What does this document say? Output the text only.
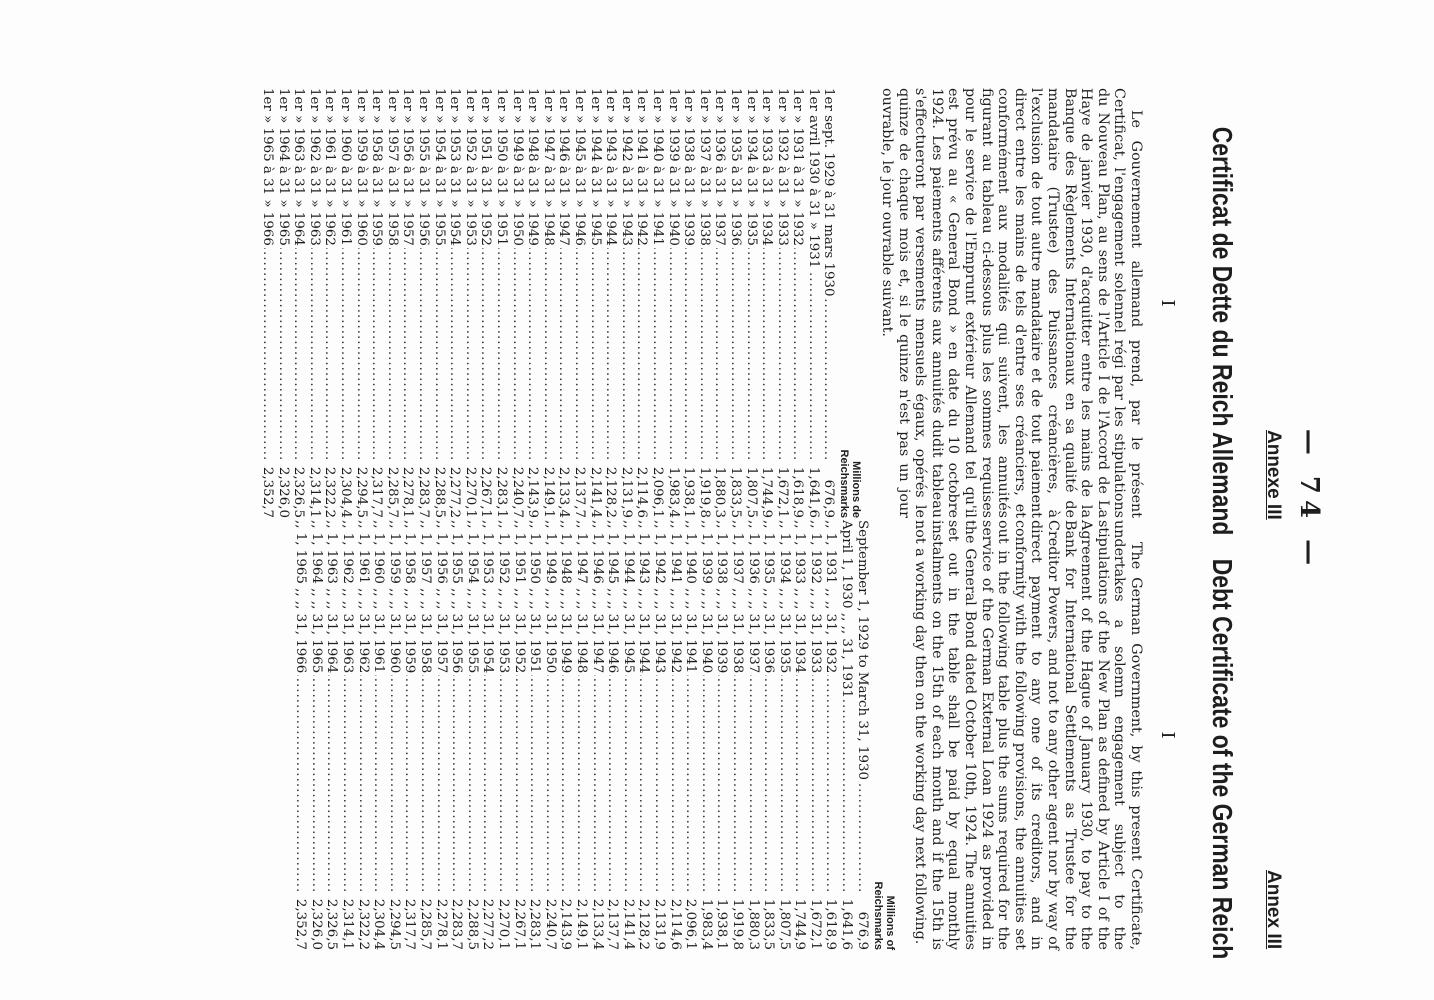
— 74 —
Annexe III
Annex III
Certificat de Dette du Reich Allemand
I
Le Gouvernement allemand prend, par le présent Certificat, l'engagement solennel régi par les stipulations du Nouveau Plan, au sens de l'Article I de l'Accord de La Haye de janvier 1930, d'acquitter entre les mains de la Banque des Règlements Internationaux en sa qualité de mandataire (Trustee) des Puissances créancières, à l'exclusion de tout autre mandataire et de tout paiement direct entre les mains de tels d'entre ses créanciers, et conformément aux modalités qui suivent, les annuités figurant au tableau ci-dessous plus les sommes requises pour le service de l'Emprunt extérieur Allemand tel qu'il est prévu au « General Bond » en date du 10 octobre 1924. Les paiements afférents aux annuités dudit tableau s'effectueront par versements mensuels égaux, opérés le quinze de chaque mois et, si le quinze n'est pas un jour ouvrable, le jour ouvrable suivant.
Millions de
Reichsmarks
1er sept. 1929 à 31 mars 1930 .....	676,9
1er avril 1930 à 31 » 1931 .....	1,641,6
1er » 1931 à 31 » 1932 .....	1,618,9
1er » 1932 à 31 » 1933 .....	1,672,1
1er » 1933 à 31 » 1934 .....	1,744,9
1er » 1934 à 31 » 1935 .....	1,807,5
1er » 1935 à 31 » 1936 .....	1,833,5
1er » 1936 à 31 » 1937 .....	1,880,3
1er » 1937 à 31 » 1938 .....	1,919,8
1er » 1938 à 31 » 1939 .....	1,938,1
1er » 1939 à 31 » 1940 .....	1,983,4
1er » 1940 à 31 » 1941 .....	2,096,1
1er » 1941 à 31 » 1942 .....	2,114,6
1er » 1942 à 31 » 1943 .....	2,131,9
1er » 1943 à 31 » 1944 .....	2,128,2
1er » 1944 à 31 » 1945 .....	2,141,4
1er » 1945 à 31 » 1946 .....	2,137,7
1er » 1946 à 31 » 1947 .....	2,133,4
1er » 1947 à 31 » 1948 .....	2,149,1
1er » 1948 à 31 » 1949 .....	2,143,9
1er » 1949 à 31 » 1950 .....	2,240,7
1er » 1950 à 31 » 1951 .....	2,283,1
1er » 1951 à 31 » 1952 .....	2,267,1
1er » 1952 à 31 » 1953 .....	2,270,1
1er » 1953 à 31 » 1954 .....	2,277,2
1er » 1954 à 31 » 1955 .....	2,288,5
1er » 1955 à 31 » 1956 .....	2,283,7
1er » 1956 à 31 » 1957 .....	2,278,1
1er » 1957 à 31 » 1958 .....	2,285,7
1er » 1958 à 31 » 1959 .....	2,317,7
1er » 1959 à 31 » 1960 .....	2,294,5
1er » 1960 à 31 » 1961 .....	2,304,4
1er » 1961 à 31 » 1962 .....	2,322,2
1er » 1962 à 31 » 1963 .....	2,314,1
1er » 1963 à 31 » 1964 .....	2,326,5
1er » 1964 à 31 » 1965 .....	2,326,0
1er » 1965 à 31 » 1966 .....	2,352,7
Debt Certificate of the German Reich
I
The German Government, by this present Certificate, undertakes a solemn engagement subject to the stipulations of the New Plan as defined by Article I of the Agreement of the Hague of January 1930, to pay to the Bank for International Settlements as Trustee for the Creditor Powers, and not to any other agent nor by way of direct payment to any one of its creditors, and in conformity with the following provisions, the annuities set out in the following table plus the sums required for the service of the German External Loan 1924 as provided in the General Bond dated October 10th, 1924. The annuities set out in the table shall be paid by equal monthly instalments on the 15th of each month and if the 15th is not a working day then on the working day next following.
Millions of
Reichsmarks
September 1, 1929 to March 31, 1930 .....	676,9
April 1, 1930 ,, ,, 31, 1931 .....	1,641,6
,, 1, 1931 ,, ,, 31, 1932 .....	1,618,9
,, 1, 1932 ,, ,, 31, 1933 .....	1,672,1
,, 1, 1933 ,, ,, 31, 1934 .....	1,744,9
,, 1, 1934 ,, ,, 31, 1935 .....	1,807,5
,, 1, 1935 ,, ,, 31, 1936 .....	1,833,5
,, 1, 1936 ,, ,, 31, 1937 .....	1,880,3
,, 1, 1937 ,, ,, 31, 1938 .....	1,919,8
,, 1, 1938 ,, ,, 31, 1939 .....	1,938,1
,, 1, 1939 ,, ,, 31, 1940 .....	1,983,4
,, 1, 1940 ,, ,, 31, 1941 .....	2,096,1
,, 1, 1941 ,, ,, 31, 1942 .....	2,114,6
,, 1, 1942 ,, ,, 31, 1943 .....	2,131,9
,, 1, 1943 ,, ,, 31, 1944 .....	2,128,2
,, 1, 1944 ,, ,, 31, 1945 .....	2,141,4
,, 1, 1945 ,, ,, 31, 1946 .....	2,137,7
,, 1, 1946 ,, ,, 31, 1947 .....	2,133,4
,, 1, 1947 ,, ,, 31, 1948 .....	2,149,1
,, 1, 1948 ,, ,, 31, 1949 .....	2,143,9
,, 1, 1949 ,, ,, 31, 1950 .....	2,240,7
,, 1, 1950 ,, ,, 31, 1951 .....	2,283,1
,, 1, 1951 ,, ,, 31, 1952 .....	2,267,1
,, 1, 1952 ,, ,, 31, 1953 .....	2,270,1
,, 1, 1953 ,, ,, 31, 1954 .....	2,277,2
,, 1, 1954 ,, ,, 31, 1955 .....	2,288,5
,, 1, 1955 ,, ,, 31, 1956 .....	2,283,7
,, 1, 1956 ,, ,, 31, 1957 .....	2,278,1
,, 1, 1957 ,, ,, 31, 1958 .....	2,285,7
,, 1, 1958 ,, ,, 31, 1959 .....	2,317,7
,, 1, 1959 ,, ,, 31, 1960 .....	2,294,5
,, 1, 1960 ,, ,, 31, 1961 .....	2,304,4
,, 1, 1961 ,, ,, 31, 1962 .....	2,322,2
,, 1, 1962 ,, ,, 31, 1963 .....	2,314,1
,, 1, 1963 ,, ,, 31, 1964 .....	2,326,5
,, 1, 1964 ,, ,, 31, 1965 .....	2,326,0
,, 1, 1965 ,, ,, 31, 1966 .....	2,352,7
